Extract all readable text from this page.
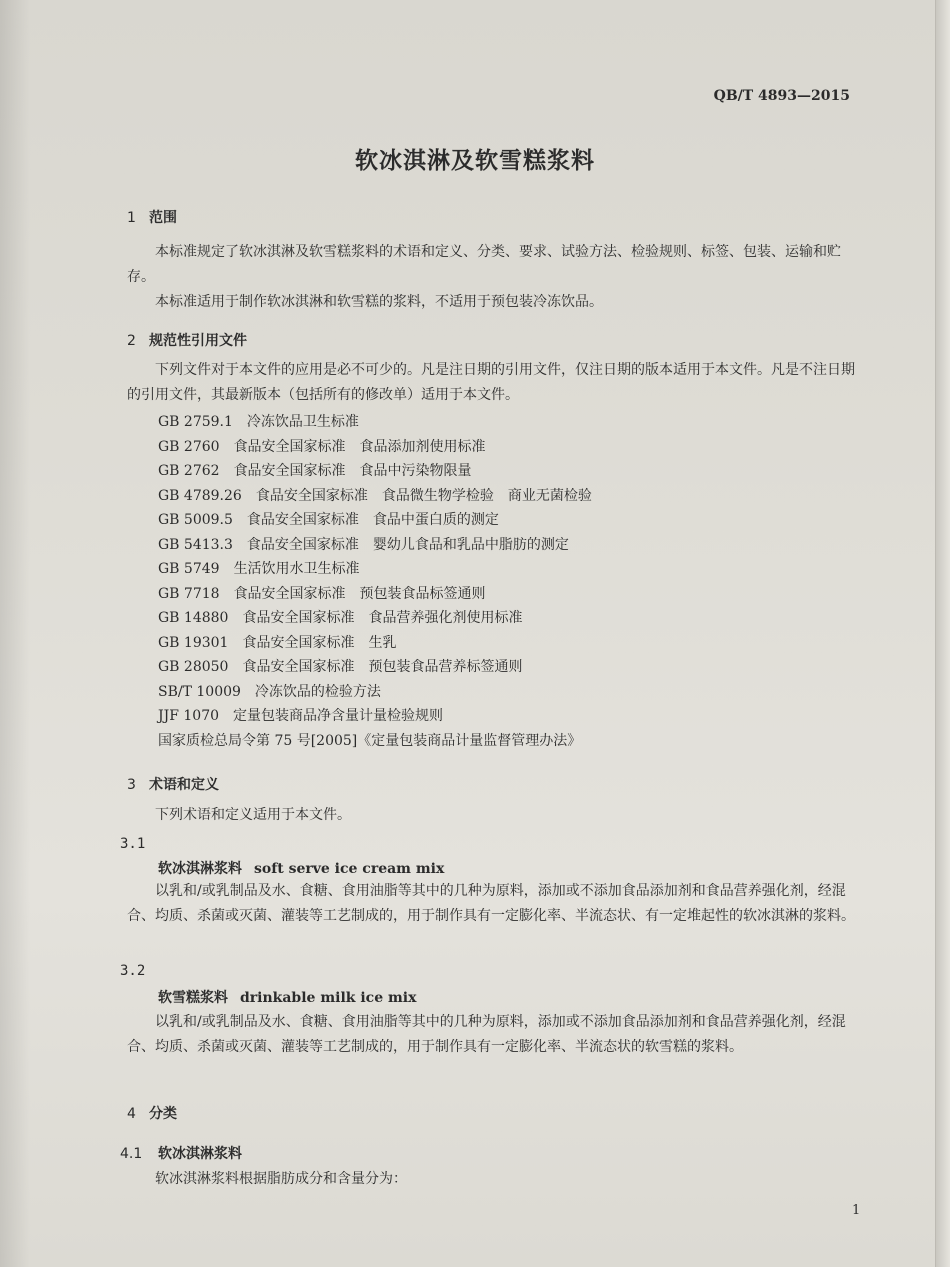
QB/T 4893—2015
软冰淇淋及软雪糕浆料
1 范围
本标准规定了软冰淇淋及软雪糕浆料的术语和定义、分类、要求、试验方法、检验规则、标签、包装、运输和贮存。
本标准适用于制作软冰淇淋和软雪糕的浆料，不适用于预包装冷冻饮品。
2 规范性引用文件
下列文件对于本文件的应用是必不可少的。凡是注日期的引用文件，仅注日期的版本适用于本文件。凡是不注日期的引用文件，其最新版本（包括所有的修改单）适用于本文件。
GB 2759.1 冷冻饮品卫生标准
GB 2760 食品安全国家标准　食品添加剂使用标准
GB 2762 食品安全国家标准　食品中污染物限量
GB 4789.26 食品安全国家标准　食品微生物学检验　商业无菌检验
GB 5009.5 食品安全国家标准　食品中蛋白质的测定
GB 5413.3 食品安全国家标准　婴幼儿食品和乳品中脂肪的测定
GB 5749 生活饮用水卫生标准
GB 7718 食品安全国家标准　预包装食品标签通则
GB 14880 食品安全国家标准　食品营养强化剂使用标准
GB 19301 食品安全国家标准　生乳
GB 28050 食品安全国家标准　预包装食品营养标签通则
SB/T 10009 冷冻饮品的检验方法
JJF 1070 定量包装商品净含量计量检验规则
国家质检总局令第 75 号[2005]《定量包装商品计量监督管理办法》
3 术语和定义
下列术语和定义适用于本文件。
3.1
软冰淇淋浆料 soft serve ice cream mix
以乳和/或乳制品及水、食糖、食用油脂等其中的几种为原料，添加或不添加食品添加剂和食品营养强化剂，经混合、均质、杀菌或灭菌、灌装等工艺制成的，用于制作具有一定膨化率、半流态状、有一定堆起性的软冰淇淋的浆料。
3.2
软雪糕浆料 drinkable milk ice mix
以乳和/或乳制品及水、食糖、食用油脂等其中的几种为原料，添加或不添加食品添加剂和食品营养强化剂，经混合、均质、杀菌或灭菌、灌装等工艺制成的，用于制作具有一定膨化率、半流态状的软雪糕的浆料。
4 分类
4.1 软冰淇淋浆料
软冰淇淋浆料根据脂肪成分和含量分为：
1
